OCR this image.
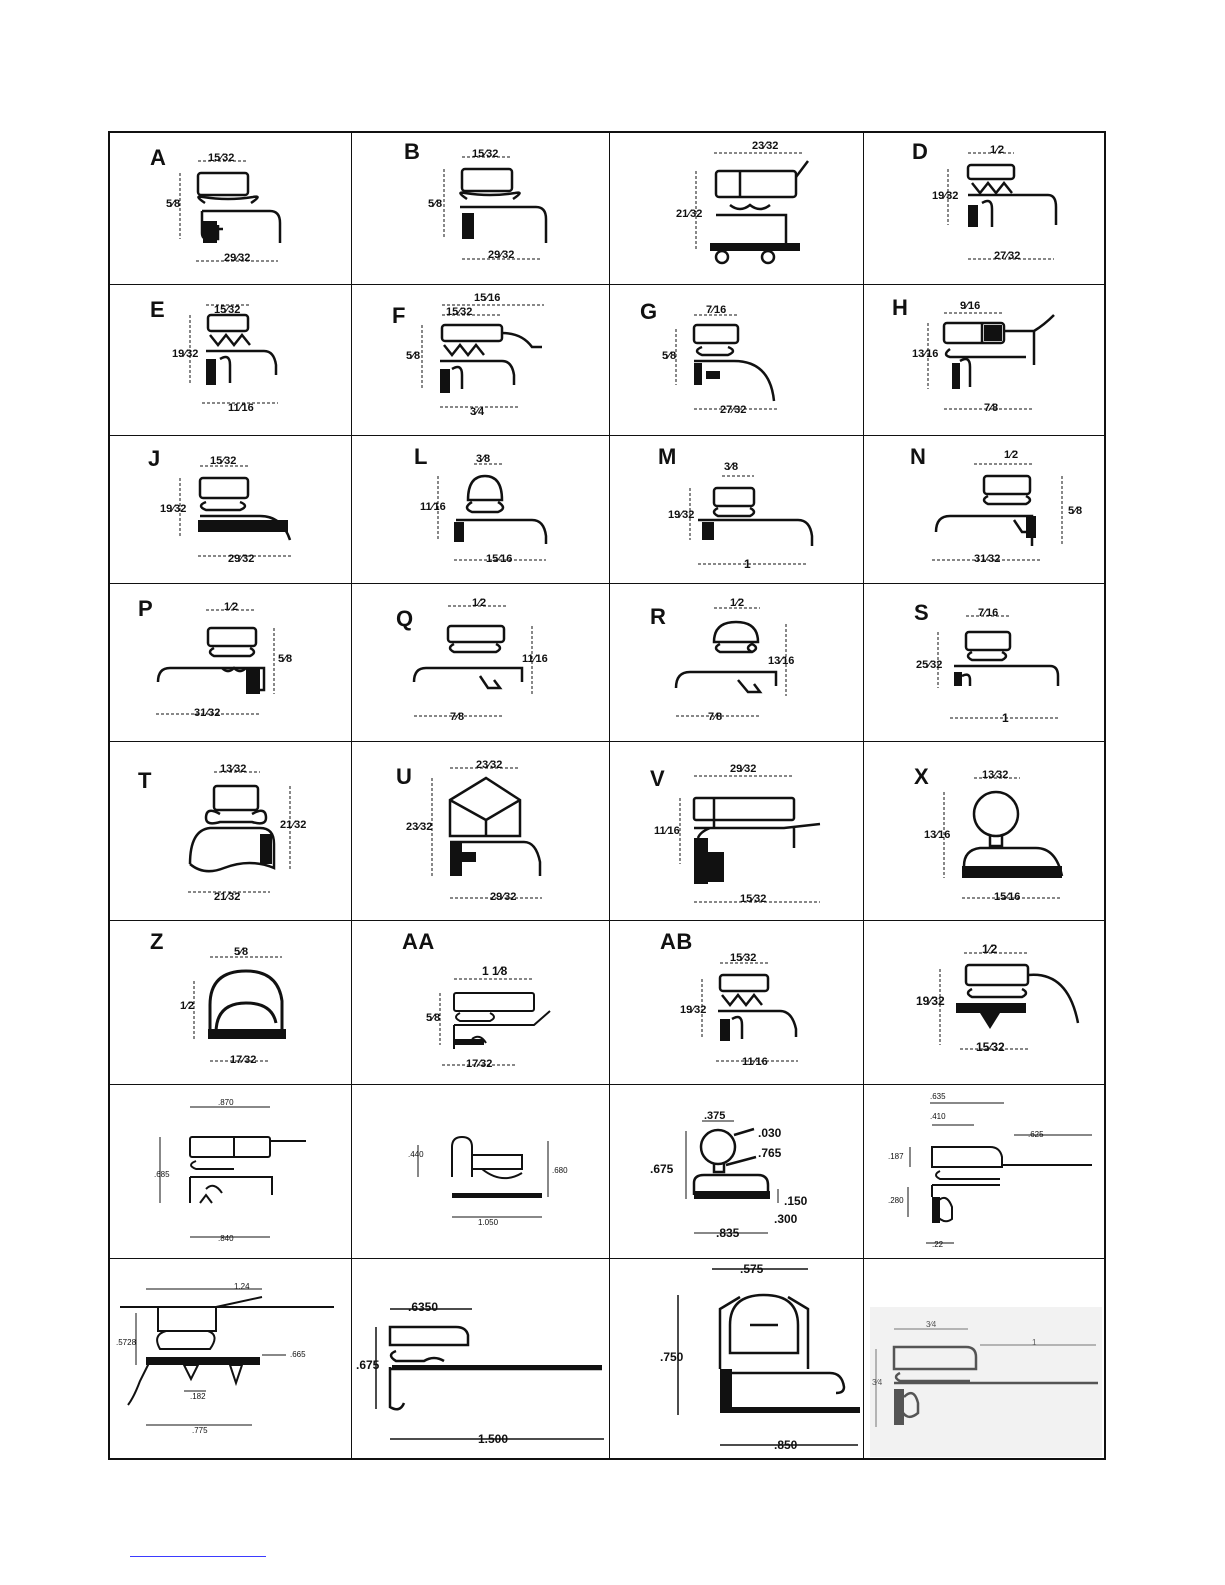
A	15⁄32
5⁄8
29⁄32
B	15⁄32
5⁄8
29⁄32
23⁄32
21⁄32
D	1⁄2
19⁄32
27⁄32
E	15⁄32
19⁄32
11⁄16
F
15⁄16
15⁄32
5⁄8
3⁄4
G	7⁄16
5⁄8
27⁄32
H	9⁄16
13⁄16
7⁄8
J	15⁄32
19⁄32
29⁄32
L	3⁄8
11⁄16
15⁄16
M	3⁄8
19⁄32
1
N	1⁄2
5⁄8
31⁄32
P	1⁄2
5⁄8
31⁄32
Q
1⁄2
11⁄16
7⁄8
R
1⁄2
13⁄16
7⁄8
S	7⁄16
25⁄32
1
T	13⁄32
21⁄32
21⁄32
U	23⁄32
23⁄32
29⁄32
V	29⁄32
11⁄16
15⁄32
X	13⁄32
13⁄16
15⁄16
Z	5⁄8
1⁄2
17⁄32
AA
1 1⁄8
5⁄8
17⁄32
AB
15⁄32
19⁄32
11⁄16
1⁄2
19⁄32
15⁄32
.870
.685
.840
.440
.680
1.050
.375
.030
.765
.675
.150
.300
.835
.635
.410
.625
.187
.280
.22
1.24
.5728
.665
.182
.775
.6350
.675
1.500
.575
.750
.850
3⁄4
1
3⁄4
